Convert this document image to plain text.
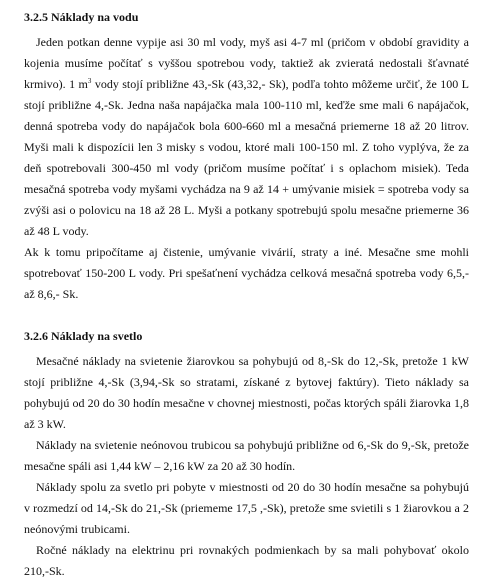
3.2.5 Náklady na vodu

Jeden potkan denne vypije asi 30 ml vody, myš asi 4-7 ml (pričom v období gravidity a kojenia musíme počítať s vyššou spotrebou vody, taktiež ak zvieratá nedostali šťavnaté krmivo). 1 $m^3$ vody stojí približne 43,-Sk (43,32,- Sk), podľa tohto môžeme určiť, že 100 L stojí približne 4,-Sk. Jedna naša napájačka mala 100-110 ml, keďže sme mali 6 napájačok, denná spotreba vody do napájačok bola 600-660 ml a mesačná priemerne 18 až 20 litrov. Myši mali k dispozícii len 3 misky s vodou, ktoré mali 100-150 ml. Z toho vyplýva, že za deň spotrebovali 300-450 ml vody (pričom musíme počítať i s oplachom misiek). Teda mesačná spotreba vody myšami vychádza na 9 až 14 + umývanie misiek = spotreba vody sa zvýši asi o polovicu na 18 až 28 L. Myši a potkany spotrebujú spolu mesačne priemerne 36 až 48 L vody.

Ak k tomu pripočítame aj čistenie, umývanie vivárií, straty a iné. Mesačne sme mohli spotrebovať 150-200 L vody. Pri spešaťnení vychádza celková mesačná spotreba vody 6,5,- až 8,6,- Sk.

3.2.6 Náklady na svetlo

Mesačné náklady na svietenie žiarovkou sa pohybujú od 8,-Sk do 12,-Sk, pretože 1 kW stojí približne 4,-Sk (3,94,-Sk so stratami, získané z bytovej faktúry). Tieto náklady sa pohybujú od 20 do 30 hodín mesačne v chovnej miestnosti, počas ktorých spáli žiarovka 1,8 až 3 kW.

Náklady na svietenie neónovou trubicou sa pohybujú približne od 6,-Sk do 9,-Sk, pretože mesačne spáli asi 1,44 kW – 2,16 kW za 20 až 30 hodín.

Náklady spolu za svetlo pri pobyte v miestnosti od 20 do 30 hodín mesačne sa pohybujú v rozmedzí od 14,-Sk do 21,-Sk (priememe 17,5 ,-Sk), pretože sme svietili s 1 žiarovkou a 2 neónovými trubicami.

Ročné náklady na elektrinu pri rovnakých podmienkach by sa mali pohybovať okolo 210,-Sk.
